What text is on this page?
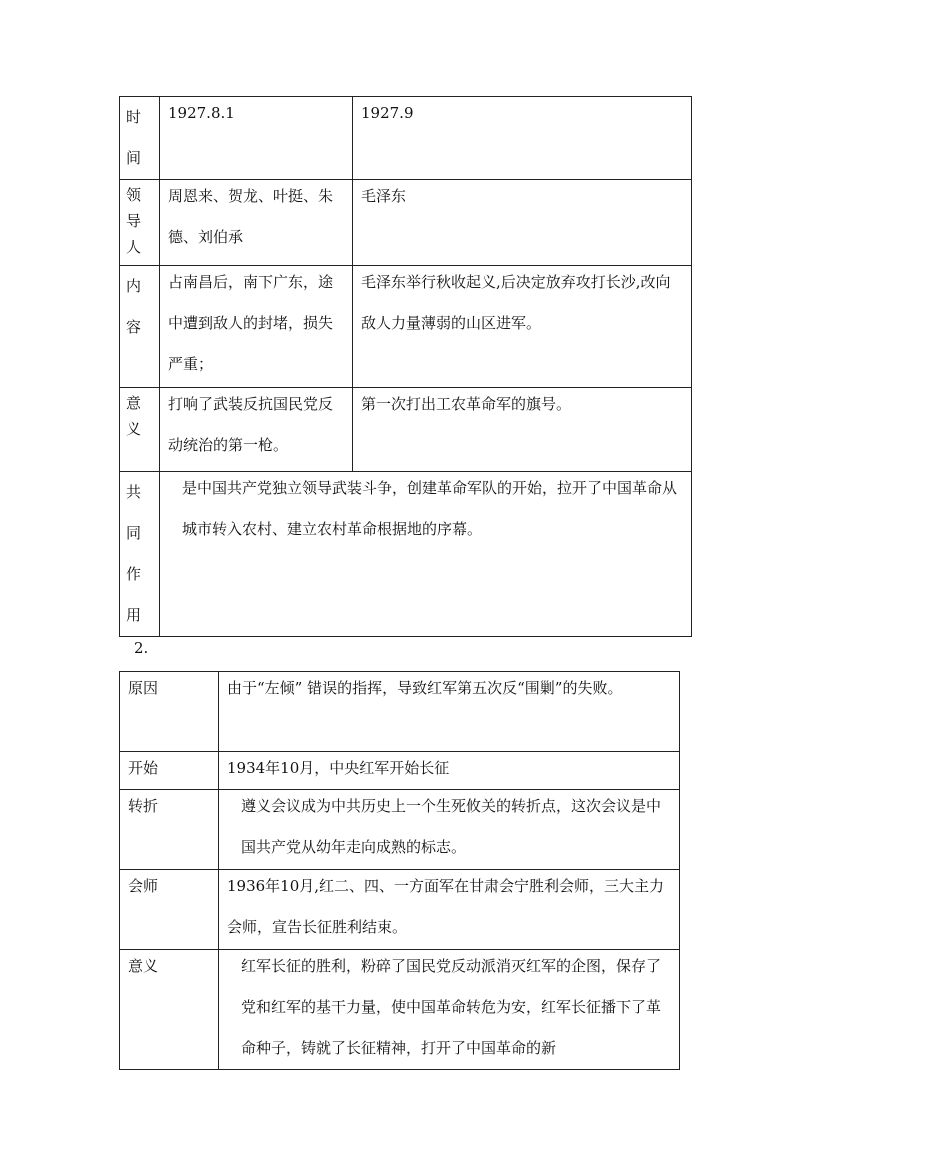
时
间	1927.8.1	1927.9

领
导
人	周恩来、贺龙、叶挺、朱德、刘伯承	毛泽东

内
容	占南昌后，南下广东，途中遭到敌人的封堵，损失严重；	毛泽东举行秋收起义,后决定放弃攻打长沙,改向敌人力量薄弱的山区进军。

意
义	打响了武装反抗国民党反动统治的第一枪。	第一次打出工农革命军的旗号。

共
同
作
用	是中国共产党独立领导武装斗争，创建革命军队的开始，拉开了中国革命从城市转入农村、建立农村革命根据地的序幕。	
2.
原因	由于“左倾” 错误的指挥，导致红军第五次反“围剿”的失败。

开始	1934年10月，中央红军开始长征

转折	遵义会议成为中共历史上一个生死攸关的转折点，这次会议是中国共产党从幼年走向成熟的标志。

会师	1936年10月,红二、四、一方面军在甘肃会宁胜利会师，三大主力会师，宣告长征胜利结束。

意义	红军长征的胜利，粉碎了国民党反动派消灭红军的企图，保存了党和红军的基干力量，使中国革命转危为安，红军长征播下了革命种子，铸就了长征精神，打开了中国革命的新
